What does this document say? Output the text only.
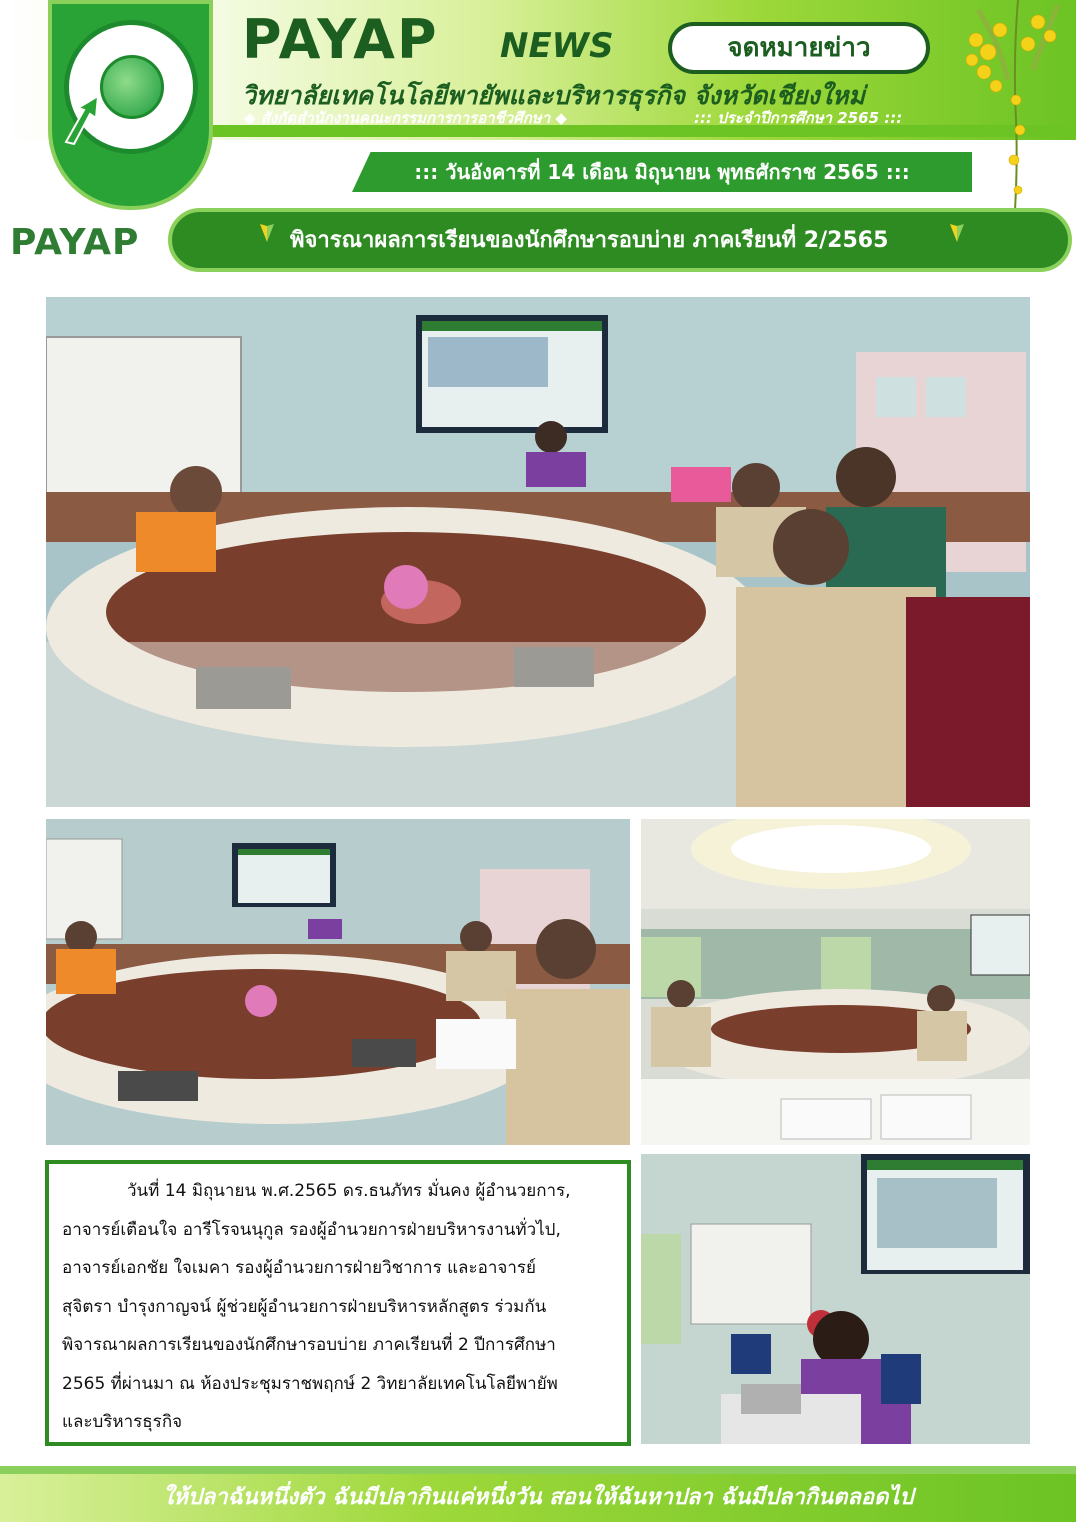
PAYAP NEWS	จดหมายข่าว
วิทยาลัยเทคโนโลยีพายัพและบริหารธุรกิจ จังหวัดเชียงใหม่
◆ สังกัดสำนักงานคณะกรรมการการอาชีวศึกษา ◆	::: ประจำปีการศึกษา 2565 :::
::: วันอังคารที่ 14 เดือน มิถุนายน พุทธศักราช 2565 :::
PAYAP	พิจารณาผลการเรียนของนักศึกษารอบบ่าย ภาคเรียนที่ 2/2565

วันที่ 14 มิถุนายน พ.ศ.2565 ดร.ธนภัทร มั่นคง ผู้อำนวยการ,

อาจารย์เตือนใจ อารีโรจนนุกูล รองผู้อำนวยการฝ่ายบริหารงานทั่วไป,

อาจารย์เอกชัย ใจเมคา รองผู้อำนวยการฝ่ายวิชาการ และอาจารย์

สุจิตรา บำรุงกาญจน์ ผู้ช่วยผู้อำนวยการฝ่ายบริหารหลักสูตร ร่วมกัน

พิจารณาผลการเรียนของนักศึกษารอบบ่าย ภาคเรียนที่ 2 ปีการศึกษา

2565 ที่ผ่านมา ณ ห้องประชุมราชพฤกษ์ 2 วิทยาลัยเทคโนโลยีพายัพ

และบริหารธุรกิจ

ให้ปลาฉันหนึ่งตัว ฉันมีปลากินแค่หนึ่งวัน สอนให้ฉันหาปลา ฉันมีปลากินตลอดไป
